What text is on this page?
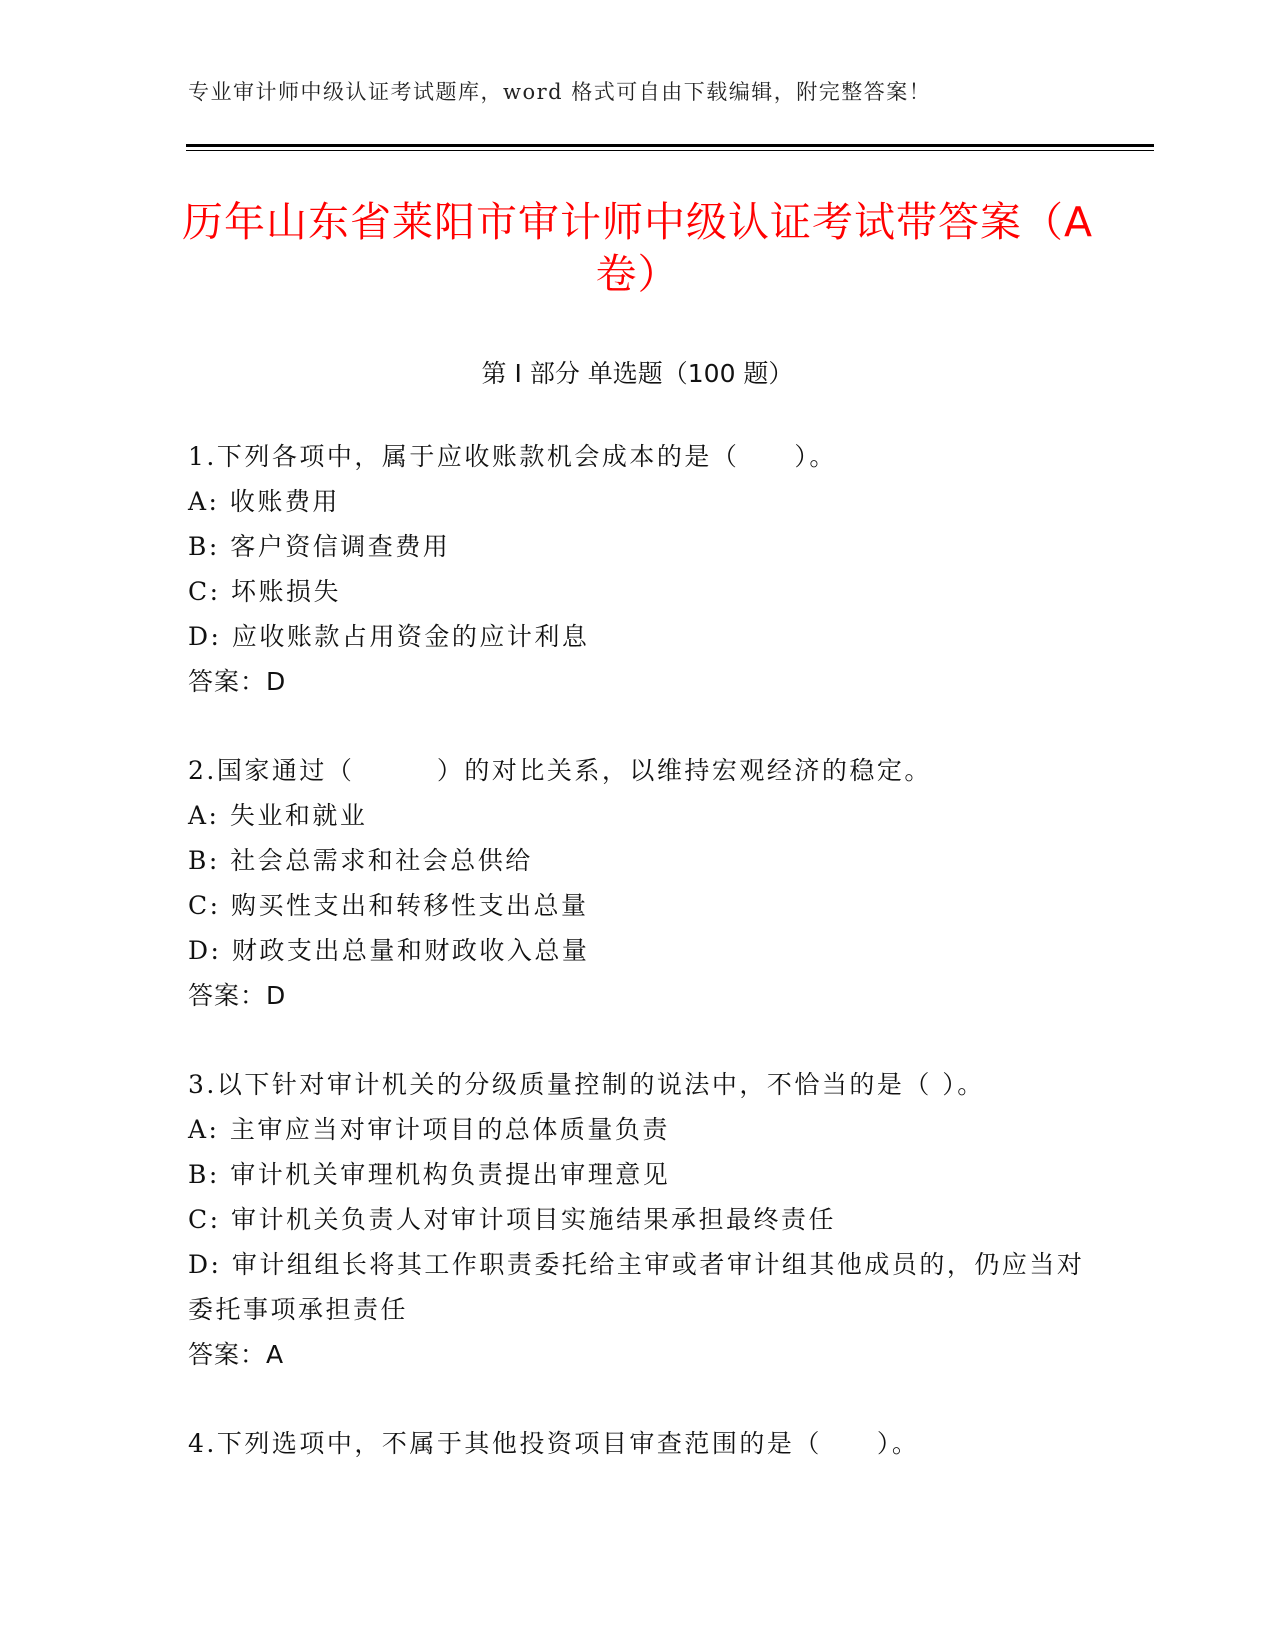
专业审计师中级认证考试题库，word 格式可自由下载编辑，附完整答案！
历年山东省莱阳市审计师中级认证考试带答案（A 卷）
第 I 部分 单选题（100 题）
1.下列各项中，属于应收账款机会成本的是（　　）。
A: 收账费用
B: 客户资信调查费用
C: 坏账损失
D: 应收账款占用资金的应计利息
答案：D
2.国家通过（　　　）的对比关系，以维持宏观经济的稳定。
A: 失业和就业
B: 社会总需求和社会总供给
C: 购买性支出和转移性支出总量
D: 财政支出总量和财政收入总量
答案：D
3.以下针对审计机关的分级质量控制的说法中，不恰当的是（ ）。
A: 主审应当对审计项目的总体质量负责
B: 审计机关审理机构负责提出审理意见
C: 审计机关负责人对审计项目实施结果承担最终责任
D: 审计组组长将其工作职责委托给主审或者审计组其他成员的，仍应当对委托事项承担责任
答案：A
4.下列选项中，不属于其他投资项目审查范围的是（　　）。
